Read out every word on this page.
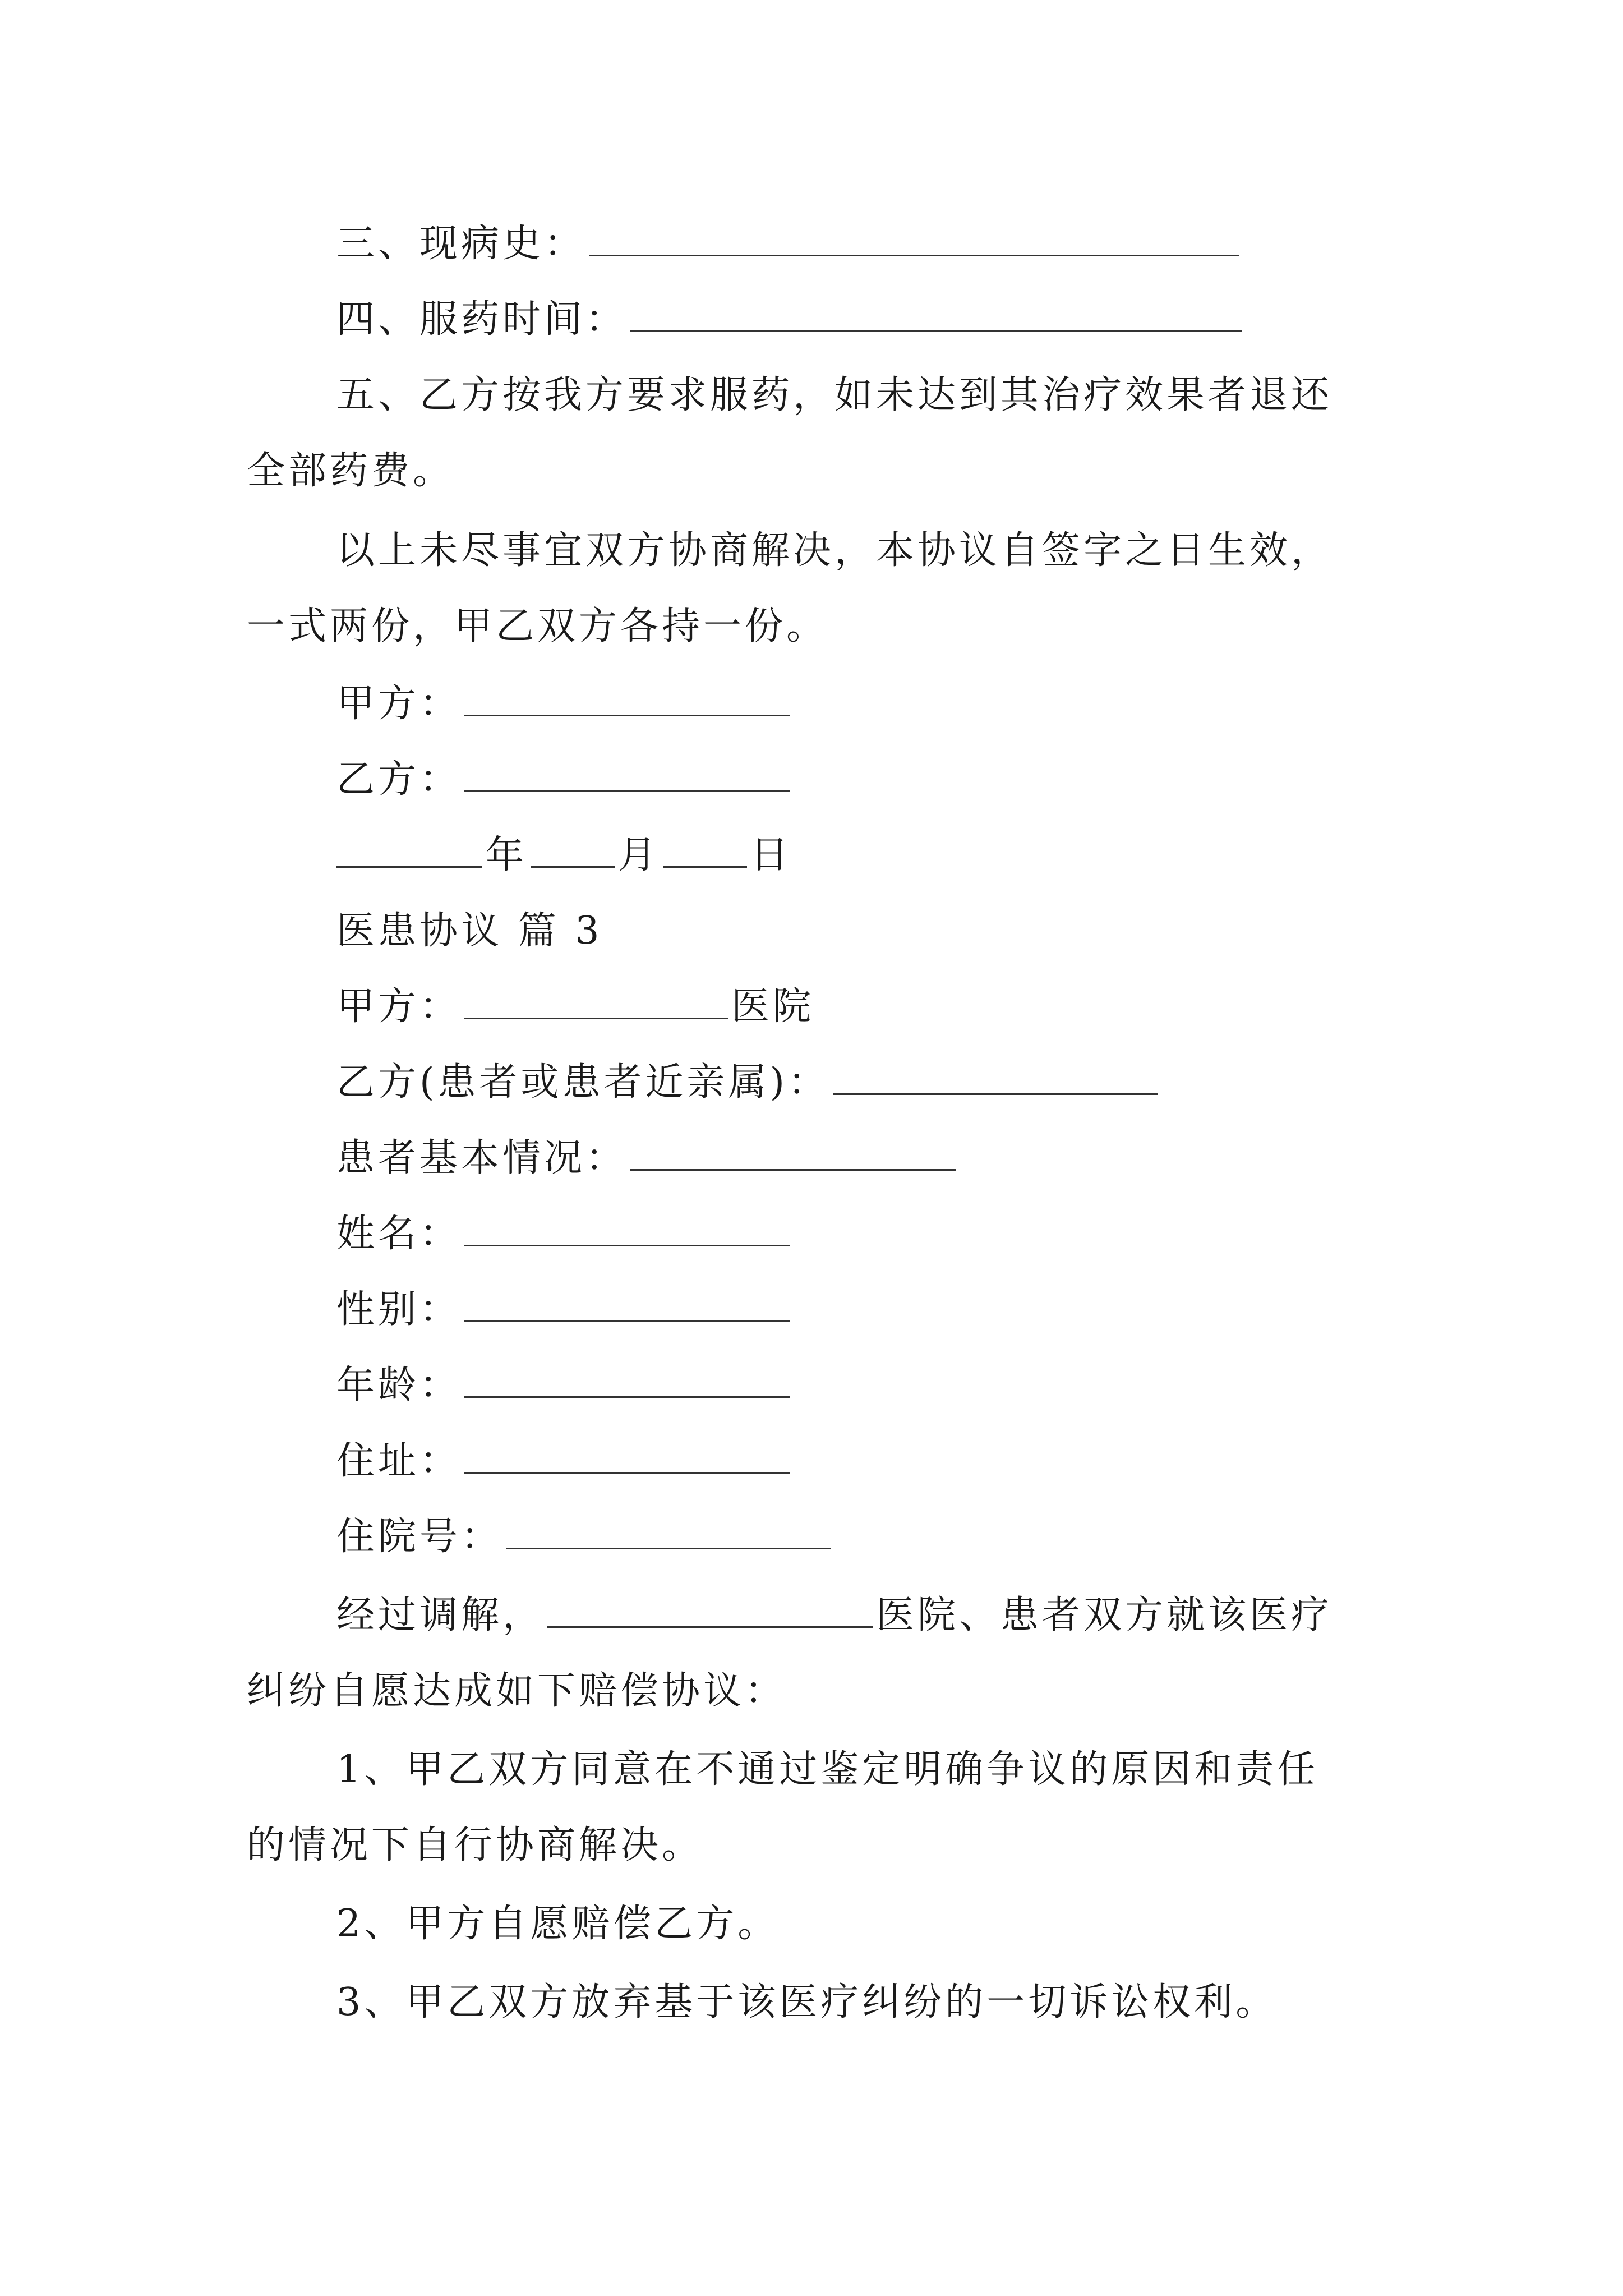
三、现病史：
四、服药时间：
五、乙方按我方要求服药，如未达到其治疗效果者退还
全部药费。
以上未尽事宜双方协商解决，本协议自签字之日生效，
一式两份，甲乙双方各持一份。
甲方：
乙方：
年 月 日
医患协议 篇 3
甲方：	医院
乙方(患者或患者近亲属)：
患者基本情况：
姓名：
性别：
年龄：
住址：
住院号：
经过调解，	医院、患者双方就该医疗
纠纷自愿达成如下赔偿协议：
1、甲乙双方同意在不通过鉴定明确争议的原因和责任
的情况下自行协商解决。
2、甲方自愿赔偿乙方。
3、甲乙双方放弃基于该医疗纠纷的一切诉讼权利。
